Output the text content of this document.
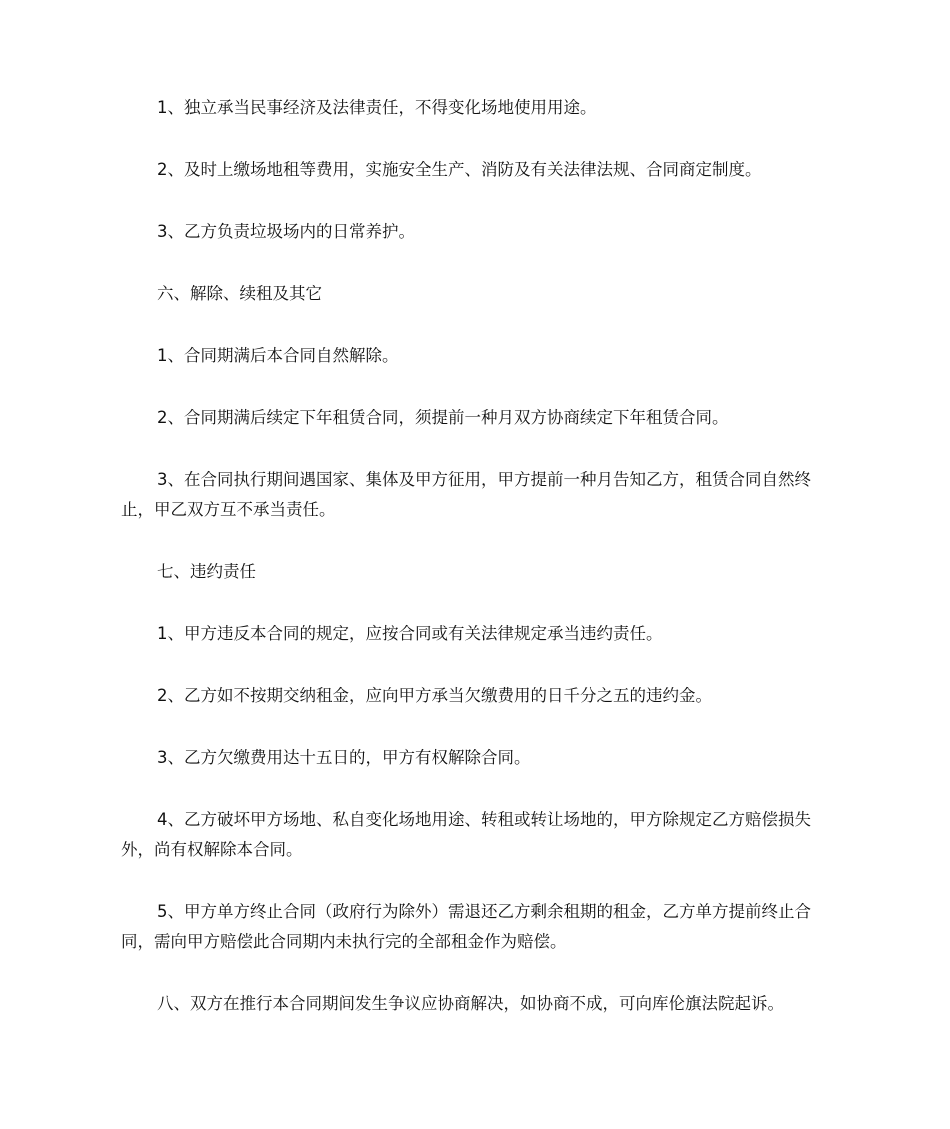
1、独立承当民事经济及法律责任，不得变化场地使用用途。

2、及时上缴场地租等费用，实施安全生产、消防及有关法律法规、合同商定制度。

3、乙方负责垃圾场内的日常养护。

六、解除、续租及其它

1、合同期满后本合同自然解除。

2、合同期满后续定下年租赁合同，须提前一种月双方协商续定下年租赁合同。

3、在合同执行期间遇国家、集体及甲方征用，甲方提前一种月告知乙方，租赁合同自然终止，甲乙双方互不承当责任。

七、违约责任

1、甲方违反本合同的规定，应按合同或有关法律规定承当违约责任。

2、乙方如不按期交纳租金，应向甲方承当欠缴费用的日千分之五的违约金。

3、乙方欠缴费用达十五日的，甲方有权解除合同。

4、乙方破坏甲方场地、私自变化场地用途、转租或转让场地的，甲方除规定乙方赔偿损失外，尚有权解除本合同。

5、甲方单方终止合同（政府行为除外）需退还乙方剩余租期的租金，乙方单方提前终止合同，需向甲方赔偿此合同期内未执行完的全部租金作为赔偿。

八、双方在推行本合同期间发生争议应协商解决，如协商不成，可向库伦旗法院起诉。
